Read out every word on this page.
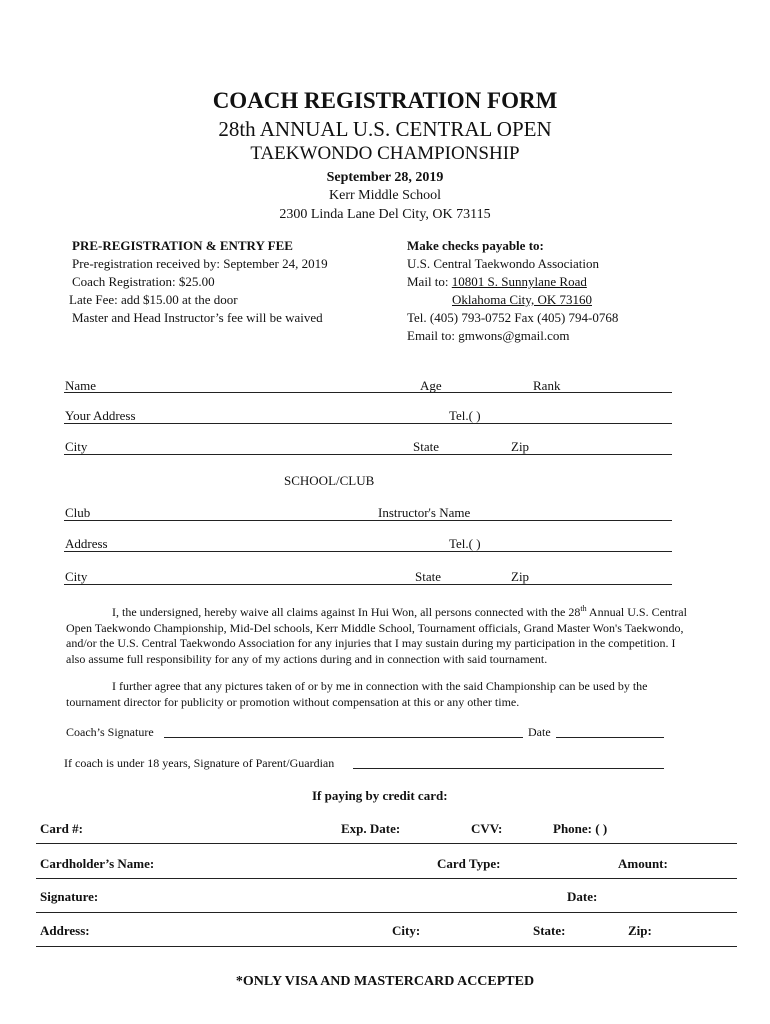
COACH REGISTRATION FORM
28th ANNUAL U.S. CENTRAL OPEN
TAEKWONDO CHAMPIONSHIP
September 28, 2019
Kerr Middle School
2300 Linda Lane Del City, OK 73115
PRE-REGISTRATION & ENTRY FEE
Pre-registration received by: September 24, 2019
Coach Registration: $25.00
Late Fee: add $15.00 at the door
Master and Head Instructor’s fee will be waived
Make checks payable to:
U.S. Central Taekwondo Association
Mail to: 10801 S. Sunnylane Road
Oklahoma City, OK 73160
Tel. (405) 793-0752 Fax (405) 794-0768
Email to: gmwons@gmail.com
Name	Age	Rank
Your Address	Tel.( )
City	State	Zip
SCHOOL/CLUB
Club	Instructor's Name
Address	Tel.( )
City	State	Zip
I, the undersigned, hereby waive all claims against In Hui Won, all persons connected with the 28th Annual U.S. Central Open Taekwondo Championship, Mid-Del schools, Kerr Middle School, Tournament officials, Grand Master Won's Taekwondo, and/or the U.S. Central Taekwondo Association for any injuries that I may sustain during my participation in the competition. I also assume full responsibility for any of my actions during and in connection with said tournament.
I further agree that any pictures taken of or by me in connection with the said Championship can be used by the tournament director for publicity or promotion without compensation at this or any other time.
Coach’s Signature	Date
If coach is under 18 years, Signature of Parent/Guardian
If paying by credit card:
Card #:	Exp. Date:	CVV:	Phone: ( )
Cardholder’s Name:	Card Type:	Amount:
Signature:	Date:
Address:	City:	State:	Zip:
*ONLY VISA AND MASTERCARD ACCEPTED
